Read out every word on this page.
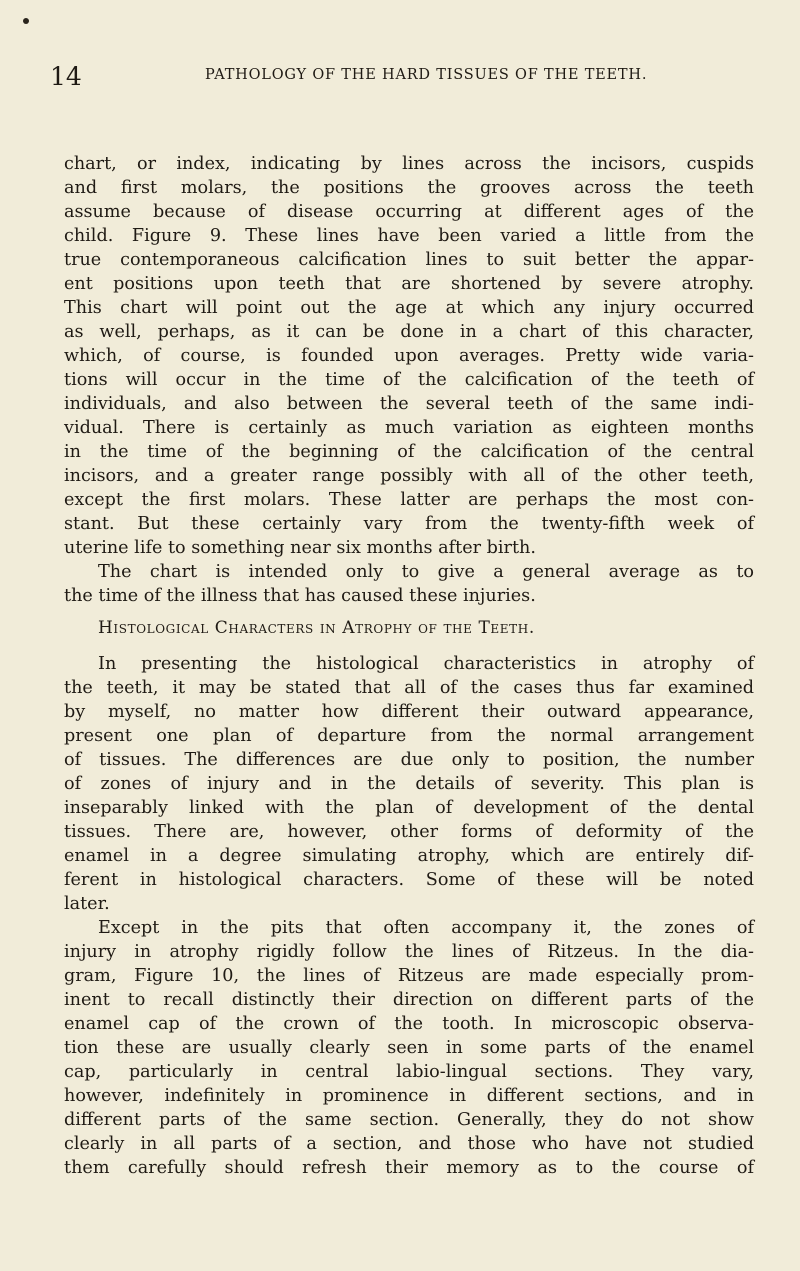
14	PATHOLOGY OF THE HARD TISSUES OF THE TEETH.
chart, or index, indicating by lines across the incisors, cuspids
and first molars, the positions the grooves across the teeth
assume because of disease occurring at different ages of the
child. Figure 9. These lines have been varied a little from the
true contemporaneous calcification lines to suit better the appar-
ent positions upon teeth that are shortened by severe atrophy.
This chart will point out the age at which any injury occurred
as well, perhaps, as it can be done in a chart of this character,
which, of course, is founded upon averages. Pretty wide varia-
tions will occur in the time of the calcification of the teeth of
individuals, and also between the several teeth of the same indi-
vidual. There is certainly as much variation as eighteen months
in the time of the beginning of the calcification of the central
incisors, and a greater range possibly with all of the other teeth,
except the first molars. These latter are perhaps the most con-
stant. But these certainly vary from the twenty-fifth week of
uterine life to something near six months after birth.
The chart is intended only to give a general average as to
the time of the illness that has caused these injuries.
Histological Characters in Atrophy of the Teeth.
In presenting the histological characteristics in atrophy of
the teeth, it may be stated that all of the cases thus far examined
by myself, no matter how different their outward appearance,
present one plan of departure from the normal arrangement
of tissues. The differences are due only to position, the number
of zones of injury and in the details of severity. This plan is
inseparably linked with the plan of development of the dental
tissues. There are, however, other forms of deformity of the
enamel in a degree simulating atrophy, which are entirely dif-
ferent in histological characters. Some of these will be noted
later.
Except in the pits that often accompany it, the zones of
injury in atrophy rigidly follow the lines of Ritzeus. In the dia-
gram, Figure 10, the lines of Ritzeus are made especially prom-
inent to recall distinctly their direction on different parts of the
enamel cap of the crown of the tooth. In microscopic observa-
tion these are usually clearly seen in some parts of the enamel
cap, particularly in central labio-lingual sections. They vary,
however, indefinitely in prominence in different sections, and in
different parts of the same section. Generally, they do not show
clearly in all parts of a section, and those who have not studied
them carefully should refresh their memory as to the course of
